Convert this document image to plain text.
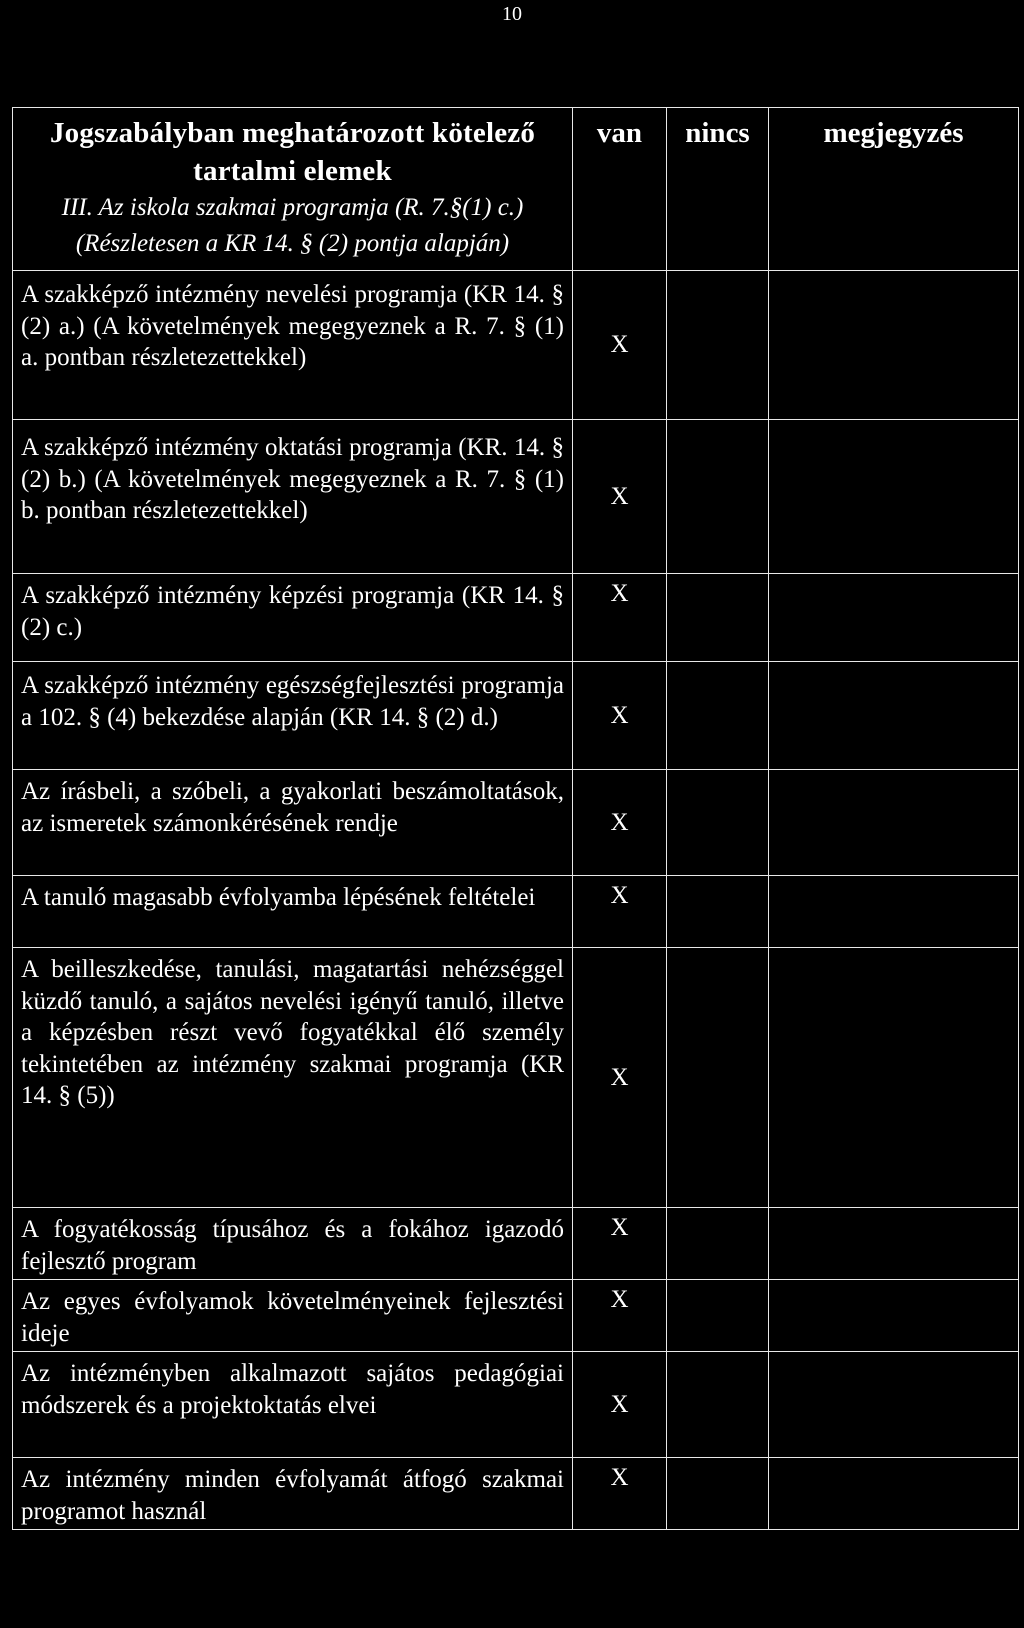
10
Jogszabályban meghatározott kötelező tartalmi elemek
III. Az iskola szakmai programja (R. 7.§(1) c.) (Részletesen a KR 14. § (2) pontja alapján)	van	nincs	megjegyzés

A szakképző intézmény nevelési programja (KR 14. § (2) a.) (A követelmények megegyeznek a R. 7. § (1) a. pontban részletezettekkel)	X		

A szakképző intézmény oktatási programja (KR. 14. § (2) b.) (A követelmények megegyeznek a R. 7. § (1) b. pontban részletezettekkel)	X		

A szakképző intézmény képzési programja (KR 14. § (2) c.)	X		

A szakképző intézmény egészségfejlesztési programja a 102. § (4) bekezdése alapján (KR 14. § (2) d.)	X		

Az írásbeli, a szóbeli, a gyakorlati beszámoltatások, az ismeretek számonkérésének rendje	X		

A tanuló magasabb évfolyamba lépésének feltételei	X		

A beilleszkedése, tanulási, magatartási nehézséggel küzdő tanuló, a sajátos nevelési igényű tanuló, illetve a képzésben részt vevő fogyatékkal élő személy tekintetében az intézmény szakmai programja (KR 14. § (5))	X		

A fogyatékosság típusához és a fokához igazodó fejlesztő program	X		

Az egyes évfolyamok követelményeinek fejlesztési ideje	X		

Az intézményben alkalmazott sajátos pedagógiai módszerek és a projektoktatás elvei	X		

Az intézmény minden évfolyamát átfogó szakmai programot használ	X		
